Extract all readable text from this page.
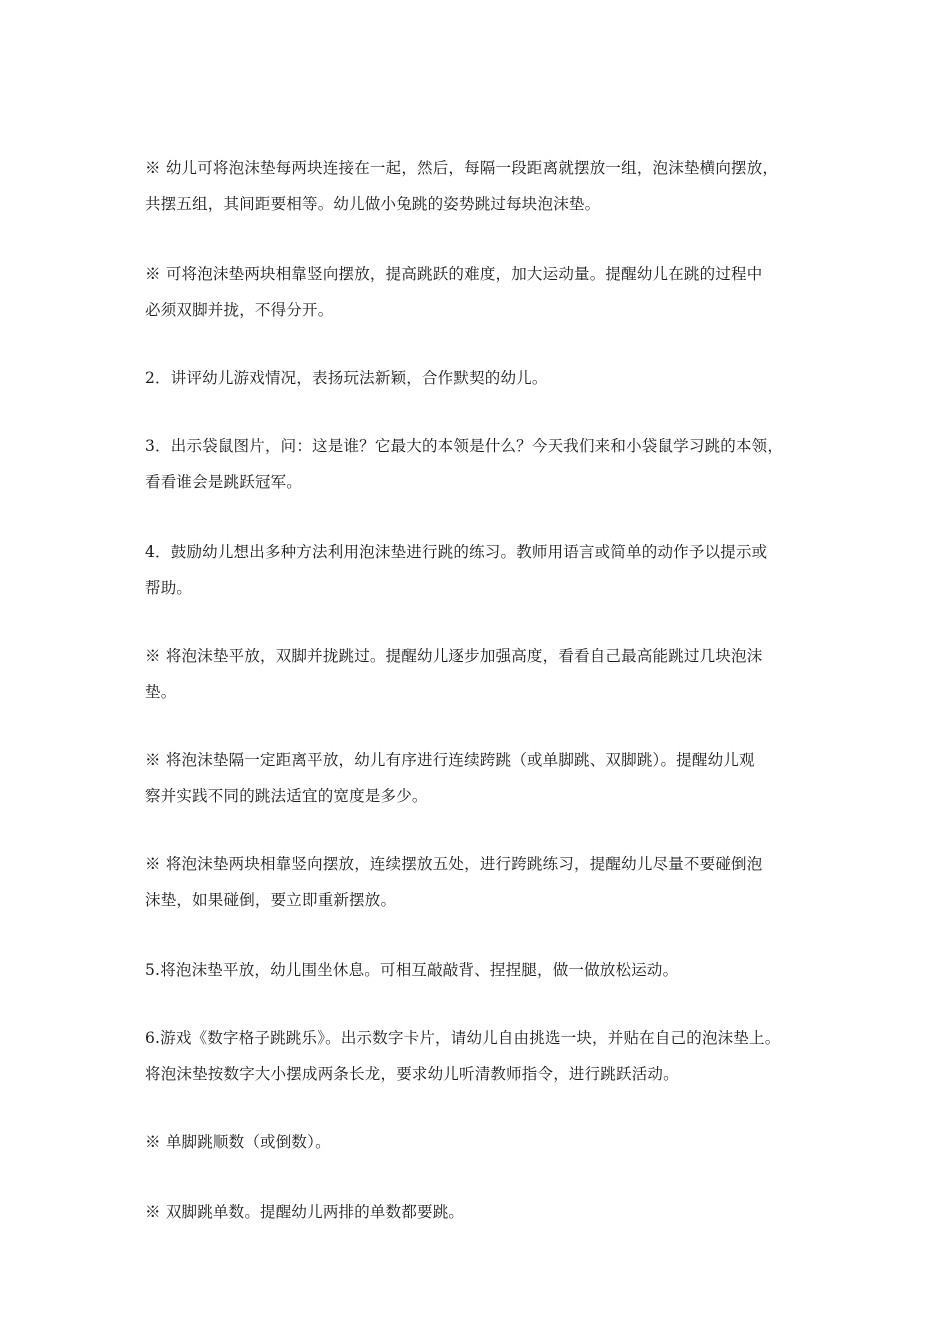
※ 幼儿可将泡沫垫每两块连接在一起，然后，每隔一段距离就摆放一组，泡沫垫横向摆放，
共摆五组，其间距要相等。幼儿做小兔跳的姿势跳过每块泡沫垫。
※ 可将泡沫垫两块相靠竖向摆放，提高跳跃的难度，加大运动量。提醒幼儿在跳的过程中
必须双脚并拢，不得分开。
2．讲评幼儿游戏情况，表扬玩法新颖，合作默契的幼儿。
3．出示袋鼠图片，问：这是谁？它最大的本领是什么？今天我们来和小袋鼠学习跳的本领，
看看谁会是跳跃冠军。
4．鼓励幼儿想出多种方法利用泡沫垫进行跳的练习。教师用语言或简单的动作予以提示或
帮助。
※ 将泡沫垫平放，双脚并拢跳过。提醒幼儿逐步加强高度，看看自己最高能跳过几块泡沫
垫。
※ 将泡沫垫隔一定距离平放，幼儿有序进行连续跨跳（或单脚跳、双脚跳）。提醒幼儿观
察并实践不同的跳法适宜的宽度是多少。
※ 将泡沫垫两块相靠竖向摆放，连续摆放五处，进行跨跳练习，提醒幼儿尽量不要碰倒泡
沫垫，如果碰倒，要立即重新摆放。
5.将泡沫垫平放，幼儿围坐休息。可相互敲敲背、捏捏腿，做一做放松运动。
6.游戏《数字格子跳跳乐》。出示数字卡片，请幼儿自由挑选一块，并贴在自己的泡沫垫上。
将泡沫垫按数字大小摆成两条长龙，要求幼儿听清教师指令，进行跳跃活动。
※ 单脚跳顺数（或倒数）。
※ 双脚跳单数。提醒幼儿两排的单数都要跳。
